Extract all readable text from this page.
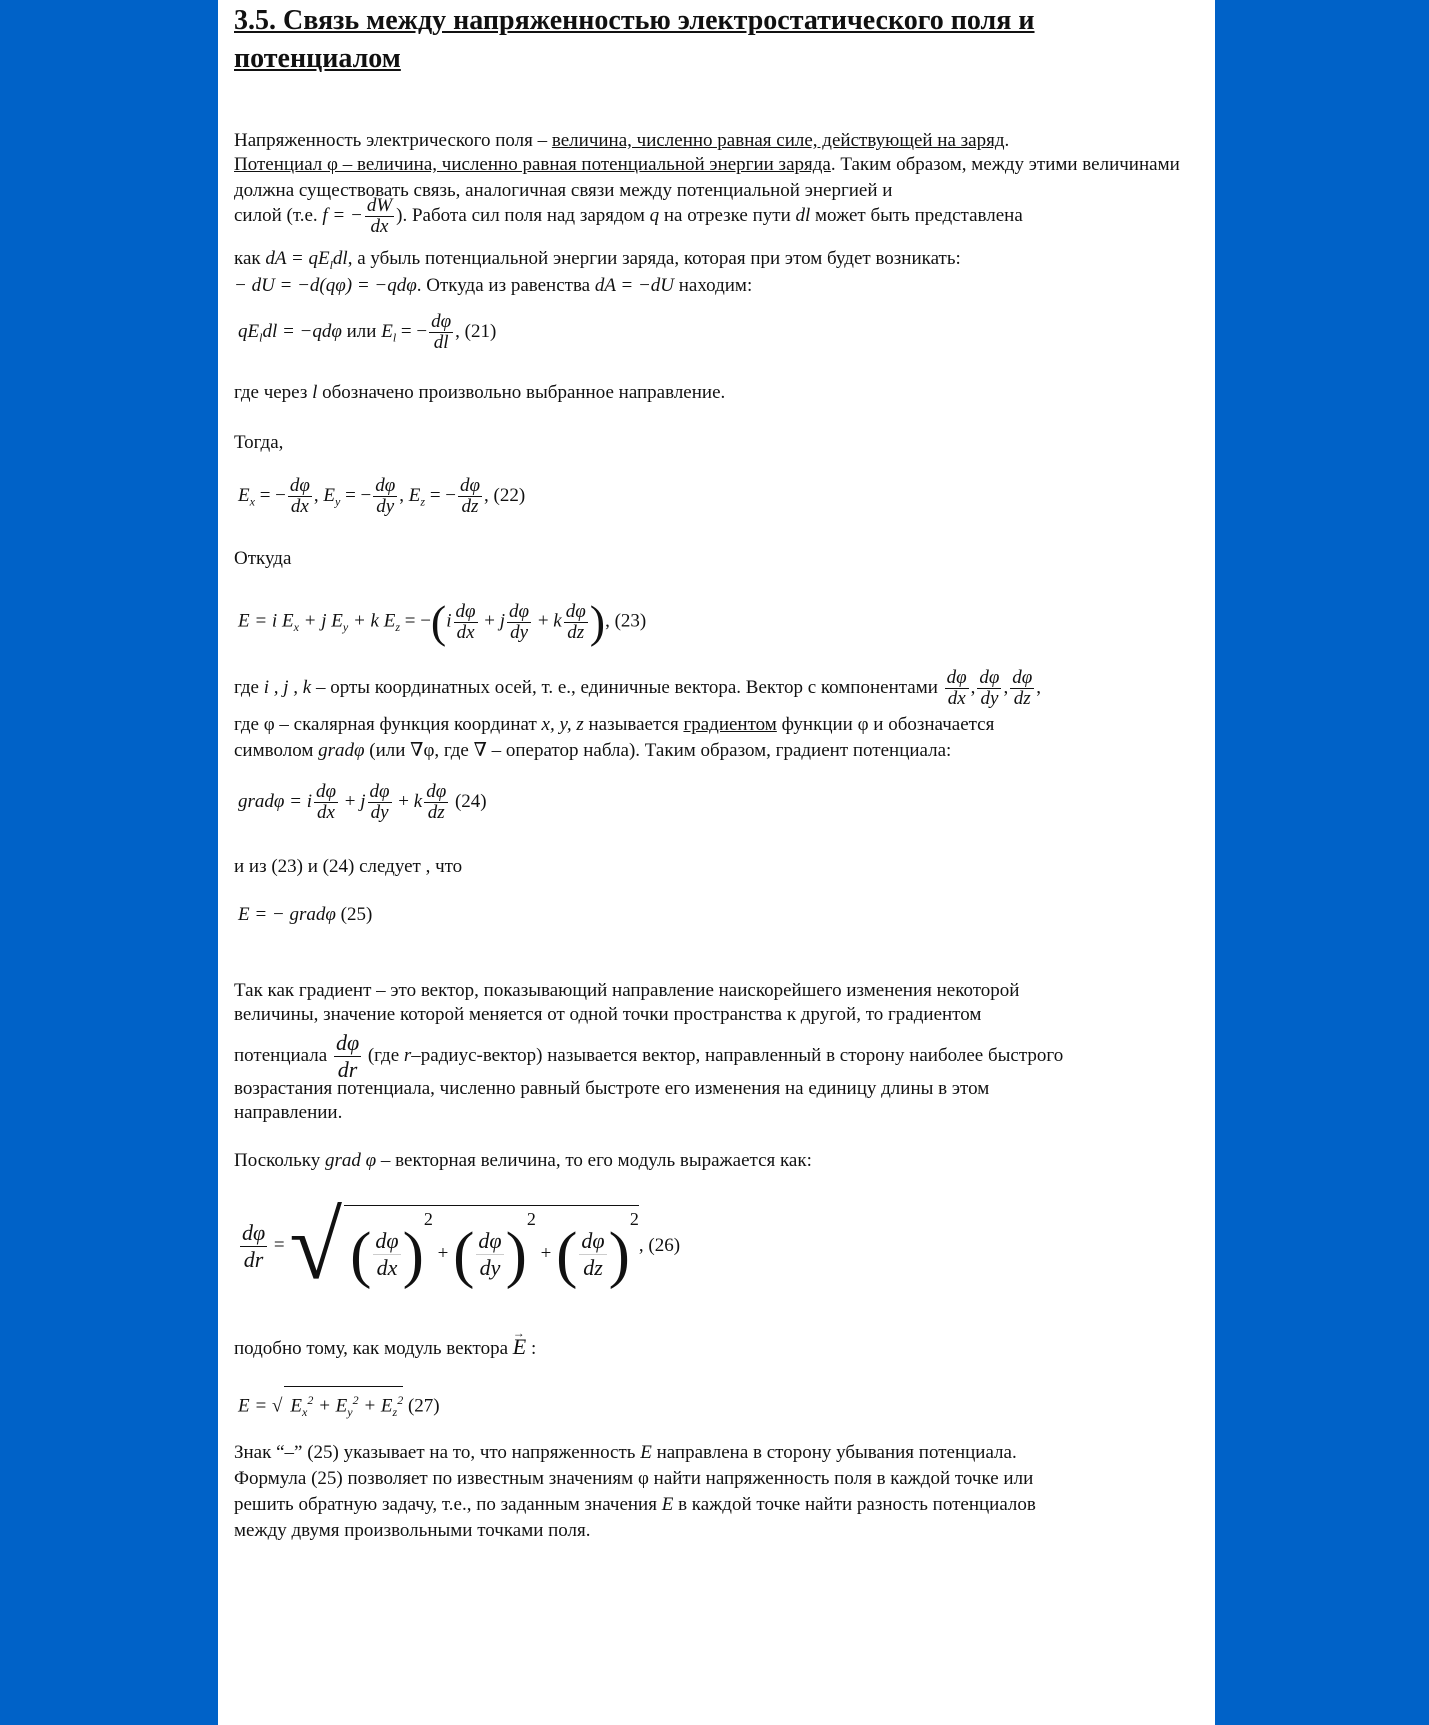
3.5. Связь между напряженностью электростатического поля и потенциалом
Напряженность электрического поля – величина, численно равная силе, действующей на заряд.
Потенциал φ – величина, численно равная потенциальной энергии заряда. Таким образом, между этими величинами должна существовать связь, аналогичная связи между потенциальной энергией и
силой (т.е. f = − $\frac{dW}{dx}$ ). Работа сил поля над зарядом q на отрезке пути dl может быть представлена
как dA = $qE_ldl$, а убыль потенциальной энергии заряда, которая при этом будет возникать:
− dU = −d(qφ) = −qdφ. Откуда из равенства dA = −dU находим:
$qE_ldl = -qd\varphi$ или $E_l$ = − $\frac{d\varphi}{dl}$ , (21)
где через l обозначено произвольно выбранное направление.
Тогда,
$E_x$ = − $\frac{d\varphi}{dx}$ , $E_y$ = − $\frac{d\varphi}{dy}$ , $E_z$ = − $\frac{d\varphi}{dz}$ , (22)
Откуда
E = i $E_x + j$ $E_y + k$ $E_z = -(i \frac{d\varphi}{dx} + j \frac{d\varphi}{dy} + k \frac{d\varphi}{dz}$ ), (23)
где i , j , k – орты координатных осей, т. е., единичные вектора. Вектор с компонентами $\frac{d\varphi}{dx}$ , $\frac{d\varphi}{dy}$ , $\frac{d\varphi}{dz}$ ,
где φ – скалярная функция координат x, y, z называется градиентом функции φ и обозначается
символом gradφ (или ∇φ, где ∇ – оператор набла). Таким образом, градиент потенциала:
gradφ = i $\frac{d\varphi}{dx} + j \frac{d\varphi}{dy} + k \frac{d\varphi}{dz} (24)$
и из (23) и (24) следует , что
E = − gradφ (25)
Так как градиент – это вектор, показывающий направление наискорейшего изменения некоторой
величины, значение которой меняется от одной точки пространства к другой, то градиентом
потенциала $\frac{d\varphi}{dr} (где$ r–радиус-вектор) называется вектор, направленный в сторону наиболее быстрого
возрастания потенциала, численно равный быстроте его изменения на единицу длины в этом
направлении.
Поскольку grad φ – векторная величина, то его модуль выражается как:
$\frac{d\varphi}{dr}$ = √ ( $\frac{d\varphi}{dx} )^2$ + ( $\frac{d\varphi}{dy} )^2$ + ( $\frac{d\varphi}{dz} )^2$, (26)
подобно тому, как модуль вектора → E :
E = √ $E_x^2 + E_y^2 + E_z^2$ (27)
Знак “–” (25) указывает на то, что напряженность E направлена в сторону убывания потенциала.
Формула (25) позволяет по известным значениям φ найти напряженность поля в каждой точке или
решить обратную задачу, т.е., по заданным значения E в каждой точке найти разность потенциалов
между двумя произвольными точками поля.
